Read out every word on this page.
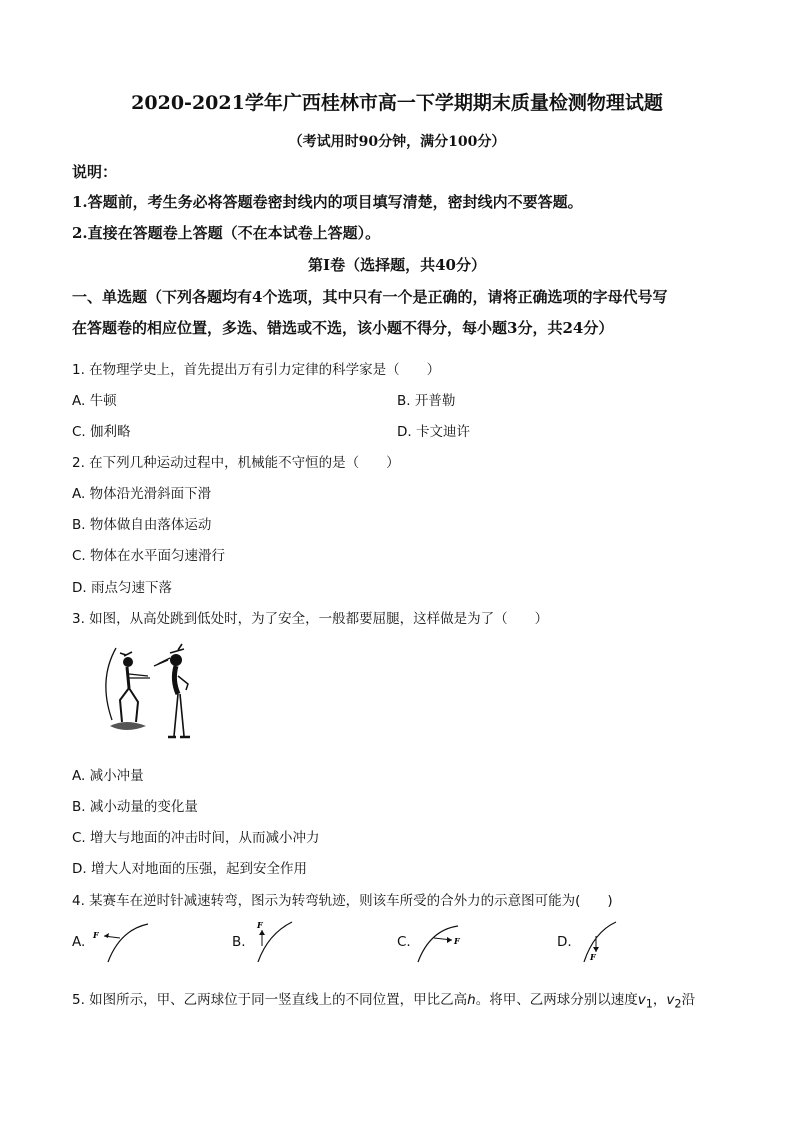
2020-2021学年广西桂林市高一下学期期末质量检测物理试题
（考试用时90分钟，满分100分）
说明：
1.答题前，考生务必将答题卷密封线内的项目填写清楚，密封线内不要答题。
2.直接在答题卷上答题（不在本试卷上答题）。
第I卷（选择题，共40分）
一、单选题（下列各题均有4个选项，其中只有一个是正确的，请将正确选项的字母代号写
在答题卷的相应位置，多选、错选或不选，该小题不得分，每小题3分，共24分）
1. 在物理学史上，首先提出万有引力定律的科学家是（　　）
A. 牛顿	B. 开普勒
C. 伽利略	D. 卡文迪许
2. 在下列几种运动过程中，机械能不守恒的是（　　）
A. 物体沿光滑斜面下滑
B. 物体做自由落体运动
C. 物体在水平面匀速滑行
D. 雨点匀速下落
3. 如图，从高处跳到低处时，为了安全，一般都要屈腿，这样做是为了（　　）
A. 减小冲量
B. 减小动量的变化量
C. 增大与地面的冲击时间，从而减小冲力
D. 增大人对地面的压强，起到安全作用
4. 某赛车在逆时针减速转弯，图示为转弯轨迹，则该车所受的合外力的示意图可能为(　　)
A. F	B.
F
C.	F	D.
F
5. 如图所示，甲、乙两球位于同一竖直线上的不同位置，甲比乙高h。将甲、乙两球分别以速度$v_1$，$v_2$沿
